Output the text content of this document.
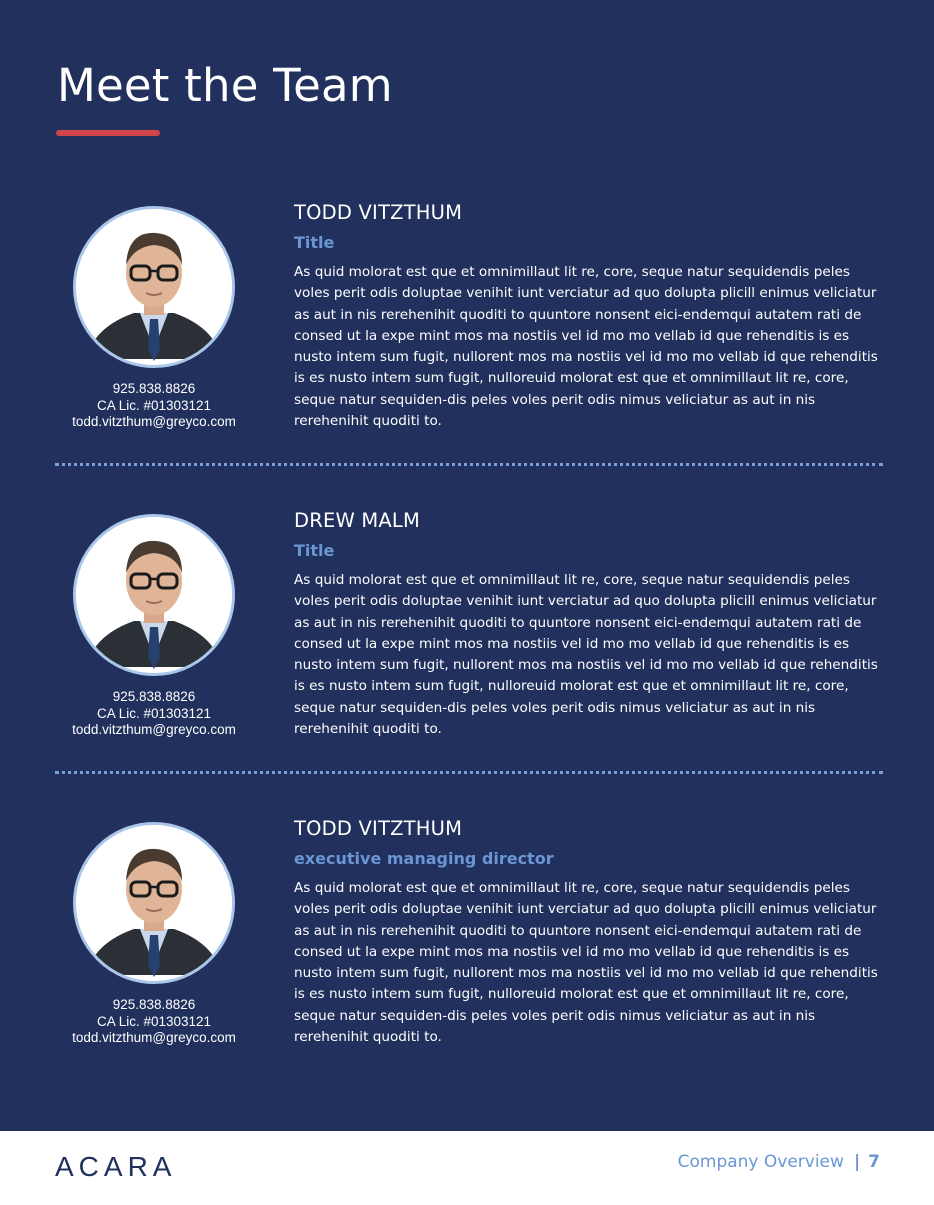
Meet the Team
925.838.8826
CA Lic. #01303121
todd.vitzthum@greyco.com
TODD VITZTHUM
Title

As quid molorat est que et omnimillaut lit re, core, seque natur sequidendis peles voles perit odis doluptae venihit iunt verciatur ad quo dolupta plicill enimus veliciatur as aut in nis rerehenihit quoditi to quuntore nonsent eici-endemqui autatem rati de consed ut la expe mint mos ma nostiis vel id mo mo vellab id que rehenditis is es nusto intem sum fugit, nullorent mos ma nostiis vel id mo mo vellab id que rehenditis is es nusto intem sum fugit, nulloreuid molorat est que et omnimillaut lit re, core, seque natur sequiden-dis peles voles perit odis nimus veliciatur as aut in nis rerehenihit quoditi to.

925.838.8826
CA Lic. #01303121
todd.vitzthum@greyco.com
DREW MALM
Title

As quid molorat est que et omnimillaut lit re, core, seque natur sequidendis peles voles perit odis doluptae venihit iunt verciatur ad quo dolupta plicill enimus veliciatur as aut in nis rerehenihit quoditi to quuntore nonsent eici-endemqui autatem rati de consed ut la expe mint mos ma nostiis vel id mo mo vellab id que rehenditis is es nusto intem sum fugit, nullorent mos ma nostiis vel id mo mo vellab id que rehenditis is es nusto intem sum fugit, nulloreuid molorat est que et omnimillaut lit re, core, seque natur sequiden-dis peles voles perit odis nimus veliciatur as aut in nis rerehenihit quoditi to.

925.838.8826
CA Lic. #01303121
todd.vitzthum@greyco.com
TODD VITZTHUM
executive managing director

As quid molorat est que et omnimillaut lit re, core, seque natur sequidendis peles voles perit odis doluptae venihit iunt verciatur ad quo dolupta plicill enimus veliciatur as aut in nis rerehenihit quoditi to quuntore nonsent eici-endemqui autatem rati de consed ut la expe mint mos ma nostiis vel id mo mo vellab id que rehenditis is es nusto intem sum fugit, nullorent mos ma nostiis vel id mo mo vellab id que rehenditis is es nusto intem sum fugit, nulloreuid molorat est que et omnimillaut lit re, core, seque natur sequiden-dis peles voles perit odis nimus veliciatur as aut in nis rerehenihit quoditi to.

ACARA	Company Overview | 7
